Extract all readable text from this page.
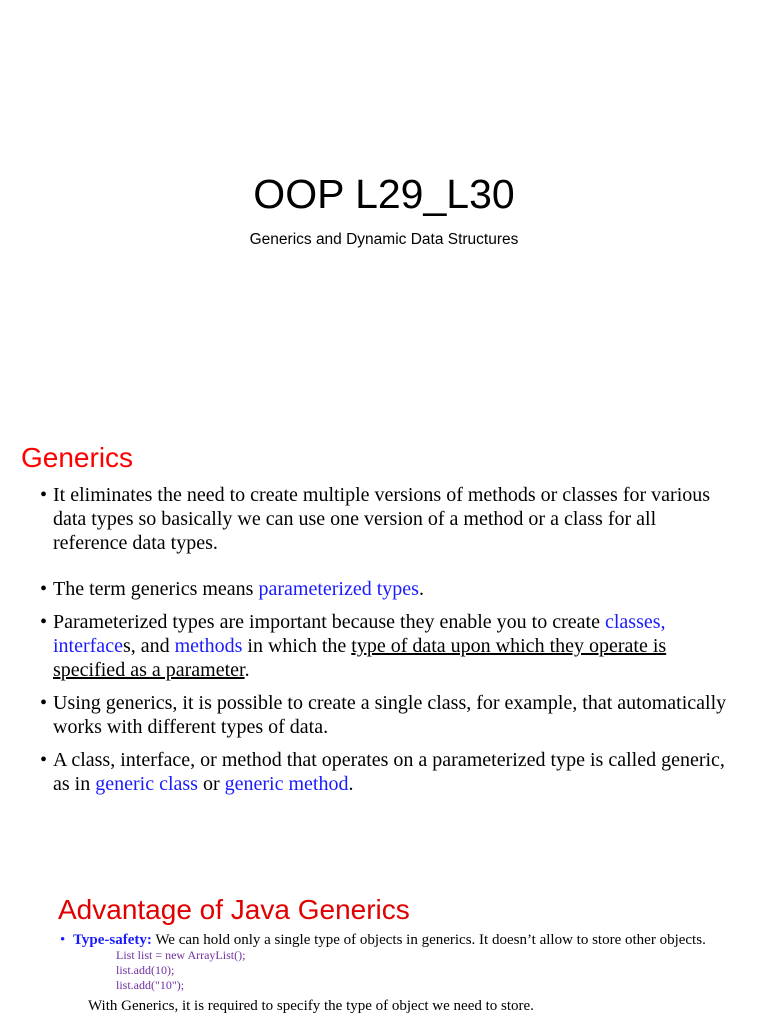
OOP L29_L30
Generics and Dynamic Data Structures
Generics
• It eliminates the need to create multiple versions of methods or classes for various data types so basically we can use one version of a method or a class for all reference data types.
• The term generics means parameterized types.
• Parameterized types are important because they enable you to create classes, interfaces, and methods in which the type of data upon which they operate is specified as a parameter.
• Using generics, it is possible to create a single class, for example, that automatically works with different types of data.
• A class, interface, or method that operates on a parameterized type is called generic, as in generic class or generic method.
Advantage of Java Generics
• Type-safety: We can hold only a single type of objects in generics. It doesn’t allow to store other objects.
List list = new ArrayList();
list.add(10);
list.add("10");
With Generics, it is required to specify the type of object we need to store.
